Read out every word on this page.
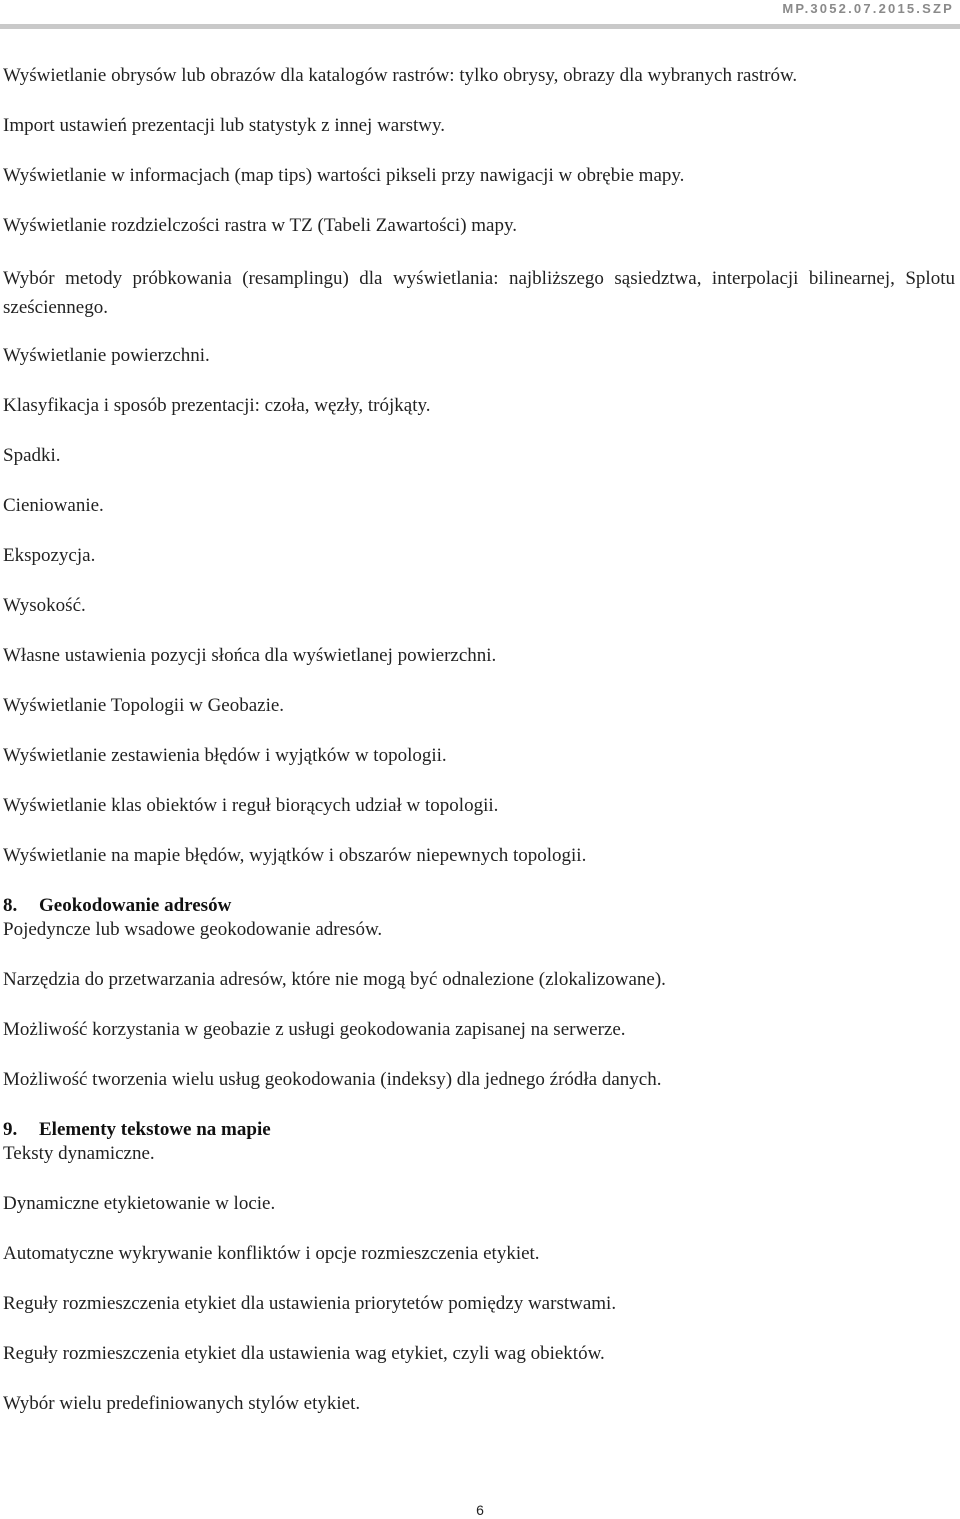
MP.3052.07.2015.SZP

Wyświetlanie obrysów lub obrazów dla katalogów rastrów: tylko obrysy, obrazy dla wybranych rastrów.

Import ustawień prezentacji lub statystyk z innej warstwy.

Wyświetlanie w informacjach (map tips) wartości pikseli przy nawigacji w obrębie mapy.

Wyświetlanie rozdzielczości rastra w TZ (Tabeli Zawartości) mapy.

Wybór metody próbkowania (resamplingu) dla wyświetlania: najbliższego sąsiedztwa, interpolacji bilinearnej, Splotu sześciennego.

Wyświetlanie powierzchni.

Klasyfikacja i sposób prezentacji: czoła, węzły, trójkąty.

Spadki.

Cieniowanie.

Ekspozycja.

Wysokość.

Własne ustawienia pozycji słońca dla wyświetlanej powierzchni.

Wyświetlanie Topologii w Geobazie.

Wyświetlanie zestawienia błędów i wyjątków w topologii.

Wyświetlanie klas obiektów i reguł biorących udział w topologii.

Wyświetlanie na mapie błędów, wyjątków i obszarów niepewnych topologii.

8. Geokodowanie adresów

Pojedyncze lub wsadowe geokodowanie adresów.

Narzędzia do przetwarzania adresów, które nie mogą być odnalezione (zlokalizowane).

Możliwość korzystania w geobazie z usługi geokodowania zapisanej na serwerze.

Możliwość tworzenia wielu usług geokodowania (indeksy) dla jednego źródła danych.

9. Elementy tekstowe na mapie

Teksty dynamiczne.

Dynamiczne etykietowanie w locie.

Automatyczne wykrywanie konfliktów i opcje rozmieszczenia etykiet.

Reguły rozmieszczenia etykiet dla ustawienia priorytetów pomiędzy warstwami.

Reguły rozmieszczenia etykiet dla ustawienia wag etykiet, czyli wag obiektów.

Wybór wielu predefiniowanych stylów etykiet.

6
